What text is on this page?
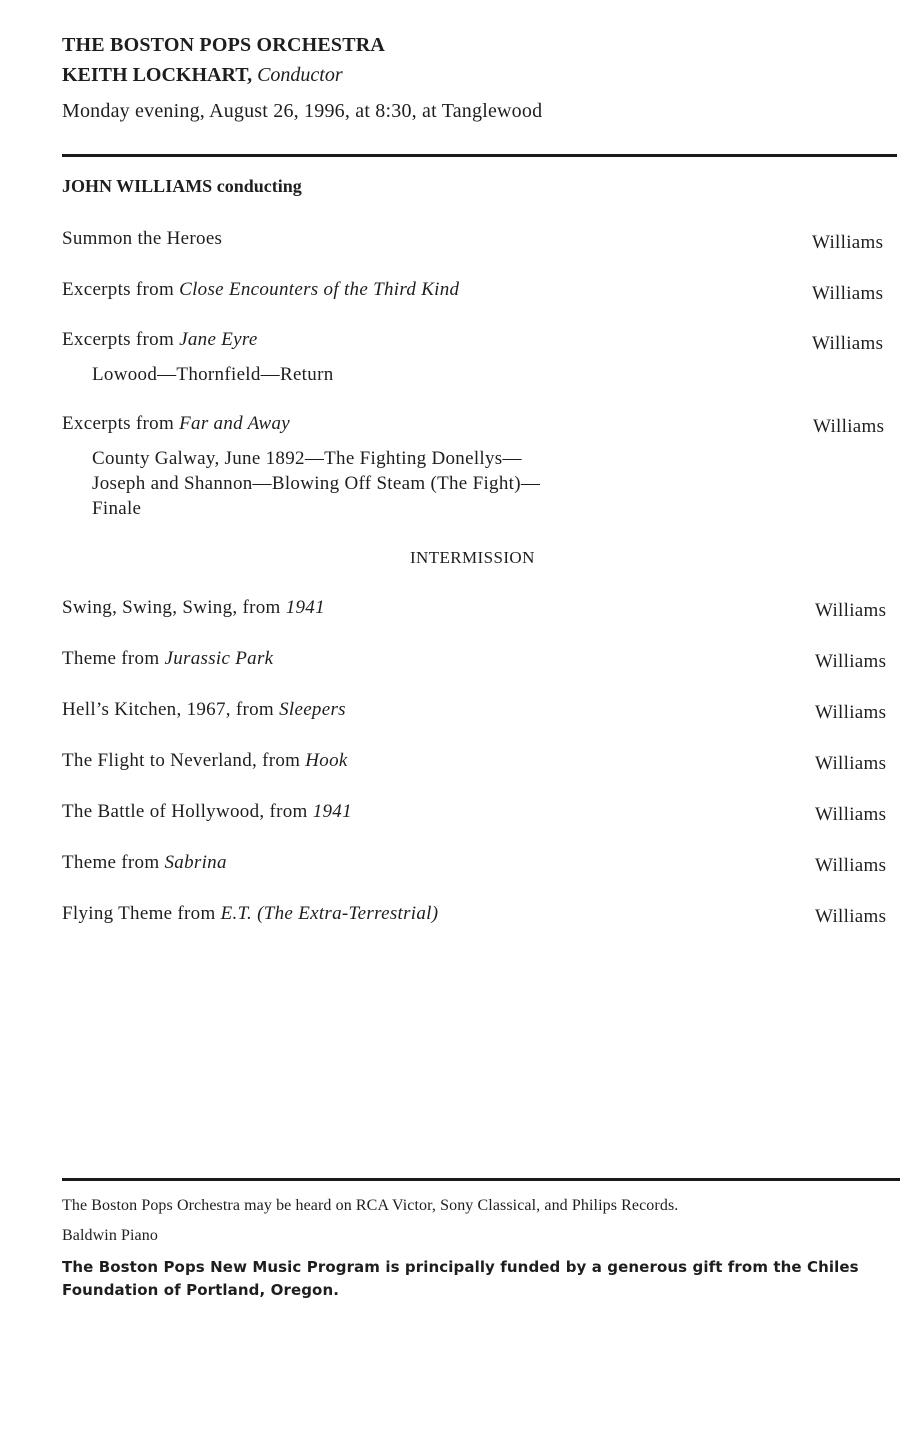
THE BOSTON POPS ORCHESTRA
KEITH LOCKHART, Conductor
Monday evening, August 26, 1996, at 8:30, at Tanglewood
JOHN WILLIAMS conducting
Summon the Heroes	Williams
Excerpts from Close Encounters of the Third Kind	Williams
Excerpts from Jane Eyre	Williams
Lowood—Thornfield—Return
Excerpts from Far and Away	Williams
County Galway, June 1892—The Fighting Donellys—
Joseph and Shannon—Blowing Off Steam (The Fight)—
Finale
INTERMISSION
Swing, Swing, Swing, from 1941	Williams
Theme from Jurassic Park	Williams
Hell’s Kitchen, 1967, from Sleepers	Williams
The Flight to Neverland, from Hook	Williams
The Battle of Hollywood, from 1941	Williams
Theme from Sabrina	Williams
Flying Theme from E.T. (The Extra-Terrestrial)	Williams
The Boston Pops Orchestra may be heard on RCA Victor, Sony Classical, and Philips Records.
Baldwin Piano
The Boston Pops New Music Program is principally funded by a generous gift from the Chiles Foundation of Portland, Oregon.
